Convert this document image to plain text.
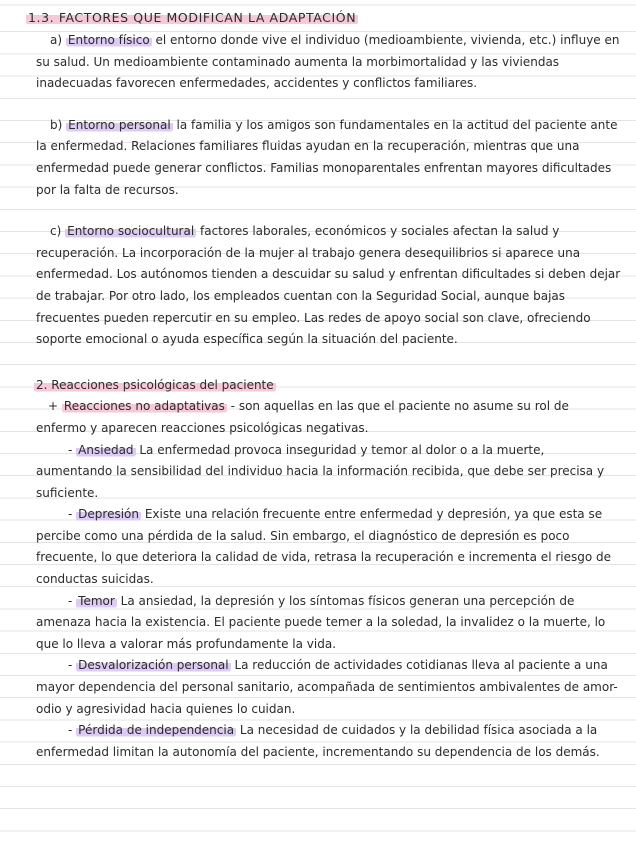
1.3. FACTORES QUE MODIFICAN LA ADAPTACIÓN

a) Entorno físico el entorno donde vive el individuo (medioambiente, vivienda, etc.) influye en su salud. Un medioambiente contaminado aumenta la morbimortalidad y las viviendas inadecuadas favorecen enfermedades, accidentes y conflictos familiares.

b) Entorno personal la familia y los amigos son fundamentales en la actitud del paciente ante la enfermedad. Relaciones familiares fluidas ayudan en la recuperación, mientras que una enfermedad puede generar conflictos. Familias monoparentales enfrentan mayores dificultades por la falta de recursos.

c) Entorno sociocultural factores laborales, económicos y sociales afectan la salud y recuperación. La incorporación de la mujer al trabajo genera desequilibrios si aparece una enfermedad. Los autónomos tienden a descuidar su salud y enfrentan dificultades si deben dejar de trabajar. Por otro lado, los empleados cuentan con la Seguridad Social, aunque bajas frecuentes pueden repercutir en su empleo. Las redes de apoyo social son clave, ofreciendo soporte emocional o ayuda específica según la situación del paciente.

2. Reacciones psicológicas del paciente

+ Reacciones no adaptativas - son aquellas en las que el paciente no asume su rol de enfermo y aparecen reacciones psicológicas negativas.

- Ansiedad La enfermedad provoca inseguridad y temor al dolor o a la muerte, aumentando la sensibilidad del individuo hacia la información recibida, que debe ser precisa y suficiente.

- Depresión Existe una relación frecuente entre enfermedad y depresión, ya que esta se percibe como una pérdida de la salud. Sin embargo, el diagnóstico de depresión es poco frecuente, lo que deteriora la calidad de vida, retrasa la recuperación e incrementa el riesgo de conductas suicidas.

- Temor La ansiedad, la depresión y los síntomas físicos generan una percepción de amenaza hacia la existencia. El paciente puede temer a la soledad, la invalidez o la muerte, lo que lo lleva a valorar más profundamente la vida.

- Desvalorización personal La reducción de actividades cotidianas lleva al paciente a una mayor dependencia del personal sanitario, acompañada de sentimientos ambivalentes de amor-odio y agresividad hacia quienes lo cuidan.

- Pérdida de independencia La necesidad de cuidados y la debilidad física asociada a la enfermedad limitan la autonomía del paciente, incrementando su dependencia de los demás.
